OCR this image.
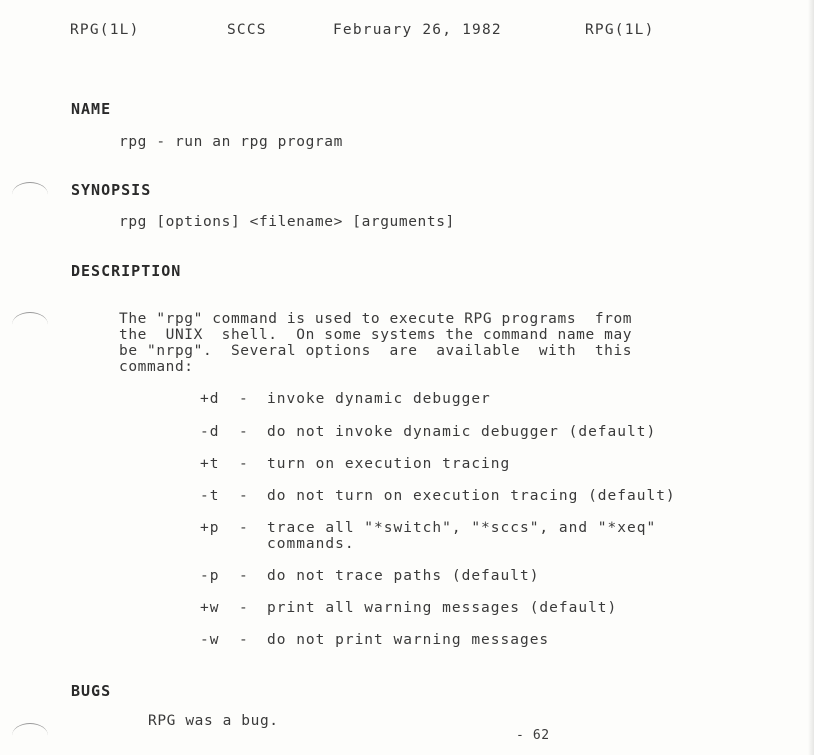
RPG(1L)	SCCS	February 26, 1982	RPG(1L)
NAME
rpg - run an rpg program
SYNOPSIS
rpg [options] <filename> [arguments]
DESCRIPTION
The "rpg" command is used to execute RPG programs  from
the  UNIX  shell.  On some systems the command name may
be "nrpg".  Several options  are  available  with  this
command:
+d - invoke dynamic debugger
-d - do not invoke dynamic debugger (default)
+t - turn on execution tracing
-t - do not turn on execution tracing (default)
+p - trace all "*switch", "*sccs", and "*xeq"
commands.
-p - do not trace paths (default)
+w - print all warning messages (default)
-w - do not print warning messages
BUGS
RPG was a bug.
- 62
